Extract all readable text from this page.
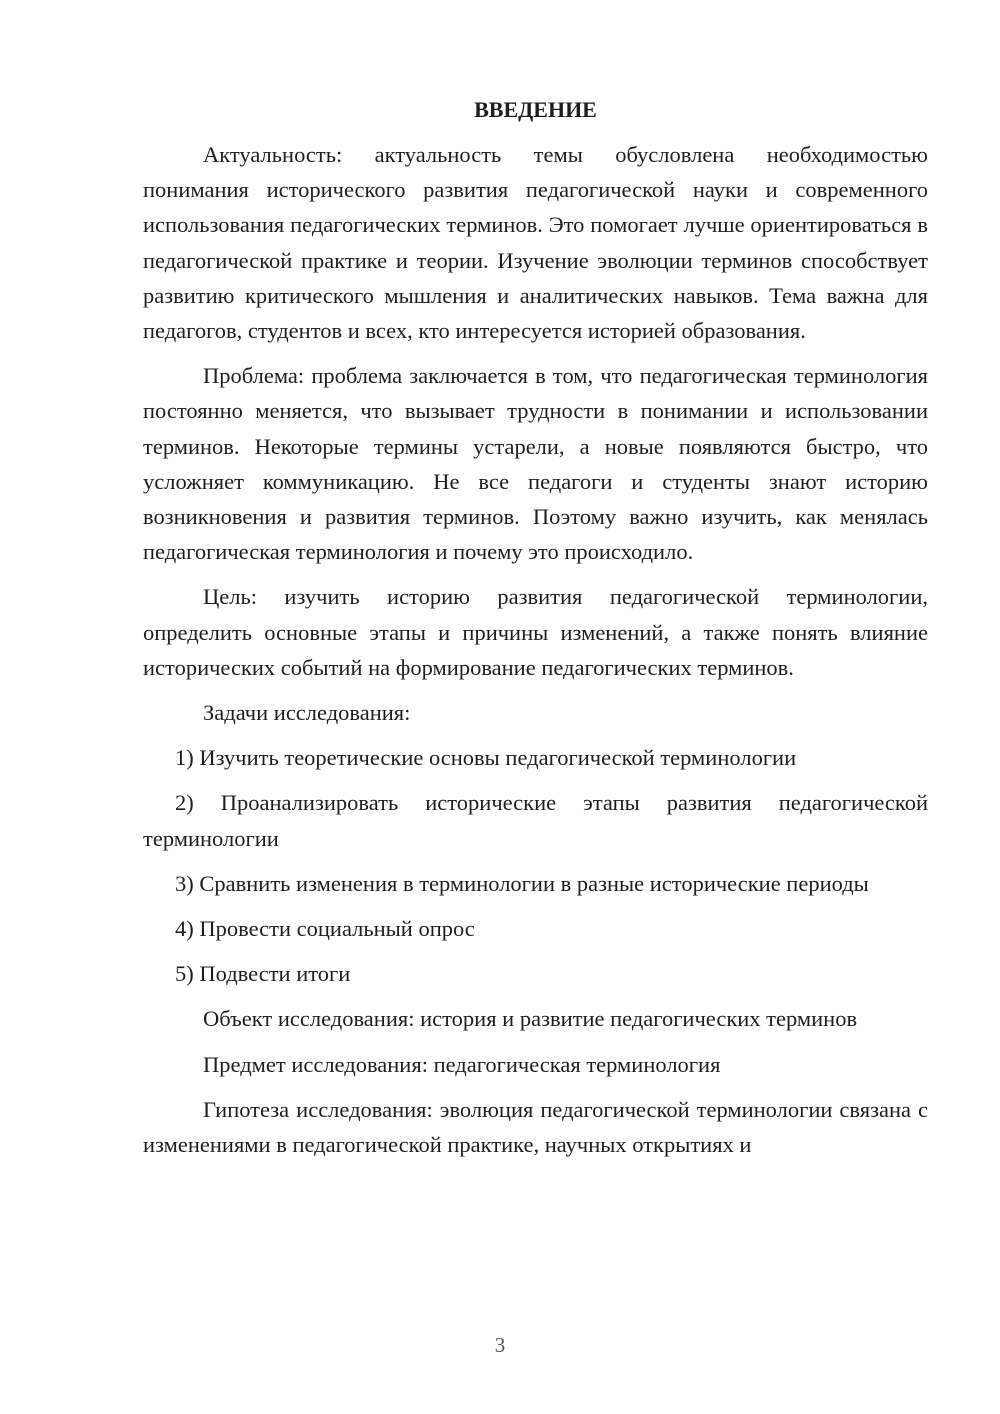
ВВЕДЕНИЕ

Актуальность: актуальность темы обусловлена необходимостью понимания исторического развития педагогической науки и современного использования педагогических терминов. Это помогает лучше ориентироваться в педагогической практике и теории. Изучение эволюции терминов способствует развитию критического мышления и аналитических навыков. Тема важна для педагогов, студентов и всех, кто интересуется историей образования.

Проблема: проблема заключается в том, что педагогическая терминология постоянно меняется, что вызывает трудности в понимании и использовании терминов. Некоторые термины устарели, а новые появляются быстро, что усложняет коммуникацию. Не все педагоги и студенты знают историю возникновения и развития терминов. Поэтому важно изучить, как менялась педагогическая терминология и почему это происходило.

Цель: изучить историю развития педагогической терминологии, определить основные этапы и причины изменений, а также понять влияние исторических событий на формирование педагогических терминов.

Задачи исследования:

1) Изучить теоретические основы педагогической терминологии

2) Проанализировать исторические этапы развития педагогической терминологии

3) Сравнить изменения в терминологии в разные исторические периоды

4) Провести социальный опрос

5) Подвести итоги

Объект исследования: история и развитие педагогических терминов

Предмет исследования: педагогическая терминология

Гипотеза исследования: эволюция педагогической терминологии связана с изменениями в педагогической практике, научных открытиях и

3
